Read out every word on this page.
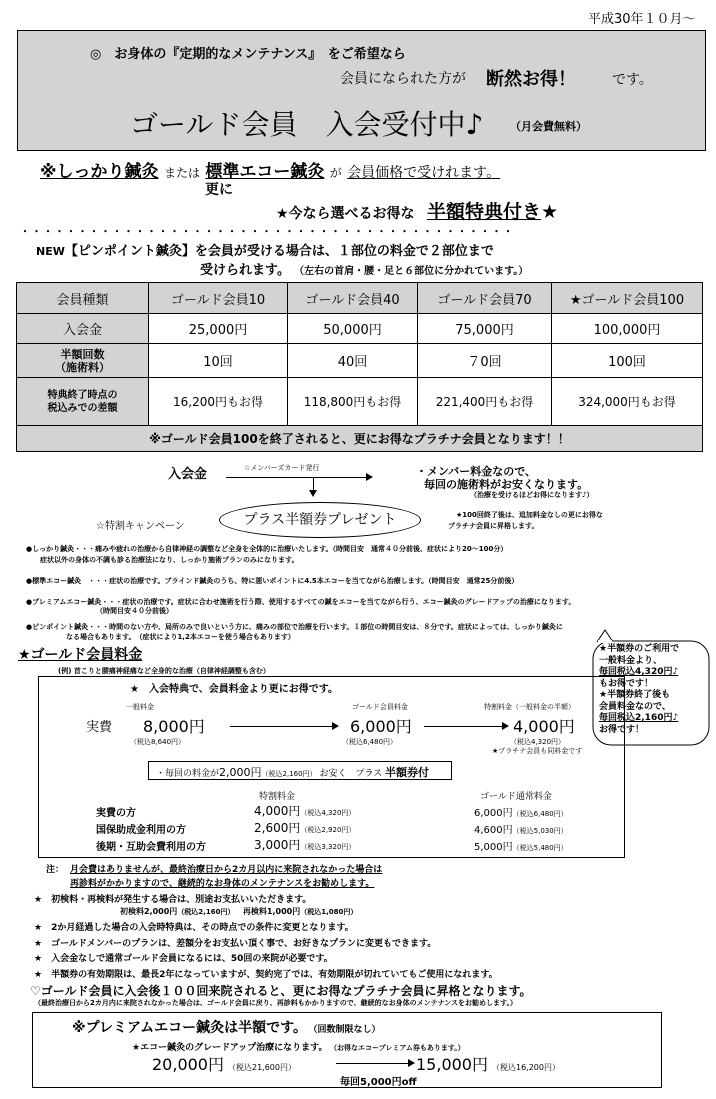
平成30年１０月～
◎　お身体の『定期的なメンテナンス』　をご希望なら
会員になられた方が 断然お得！	です。
ゴールド会員　入会受付中♪ （月会費無料）
※しっかり鍼灸 または 標準エコー鍼灸 が 会員価格で受けれます。
更に
★今なら選べるお得な 半額特典付き★
・・・・・・・・・・・・・・・・・・・・・・・・・・・・・・・・・・・・・・・・・・・
NEW【ピンポイント鍼灸】を会員が受ける場合は、１部位の料金で２部位まで
受けられます。 （左右の首肩・腰・足と６部位に分かれています。）
会員種類	ゴールド会員10	ゴールド会員40	ゴールド会員70	★ゴールド会員100
入会金	25,000円	50,000円	75,000円	100,000円

半額回数
（施術料）	10回	40回	７0回	100回

特典終了時点の
税込みでの差額	16,200円もお得	118,800円もお得	221,400円もお得	324,000円もお得
※ゴールド会員100を終了されると、更にお得なプラチナ会員となります！！
入会金	☆メンバーズカード発行	・メンバー料金なので、
毎回の施術料がお安くなります。
（治療を受けるほどお得になります♪）
☆特割キャンペーン	プラス半額券プレゼント	★100回終了後は、追加料金なしの更にお得な
プラチナ会員に昇格します。
●しっかり鍼灸・・・痛みや疲れの治療から自律神経の調整など全身を全体的に治療いたします。（時間目安　通常４０分前後、症状により20～100分）
　　症状以外の身体の不調も診る治療法になり、しっかり施術プランのみになります。
●標準エコー鍼灸　・・・症状の治療です。ブラインド鍼灸のうち、特に悪いポイントに4.5本エコーを当てながら治療します。（時間目安　通常25分前後）
●プレミアムエコー鍼灸・・・症状の治療です。症状に合わせ施術を行う際、使用するすべての鍼をエコーを当てながら行う、エコー鍼灸のグレードアップの治療になります。
（時間目安４０分前後）
●ピンポイント鍼灸・・・時間のない方や、局所のみで良いという方に、痛みの部位で治療を行います。１部位の時間目安は、８分です。症状によっては、しっかり鍼灸に
なる場合もあります。　（症状により1,2本エコーを使う場合もあります）
★ゴールド会員料金
(例) 首こりと腰痛神経痛など全身的な治療（自律神経調整も含む）
★半額券のご利用で
一般料金より、
毎回税込4,320円♪
もお得です！
★半額券終了後も
会員料金なので、
毎回税込2,160円♪
お得です！
★　入会特典で、会員料金より更にお得です。
一般料金	ゴールド会員料金	特割料金（一般料金の半額）
実費 8,000円
（税込8,640円）
6,000円
（税込6,480円）
4,000円
（税込4,320円）
★プラチナ会員も同料金です
・毎回の料金が2,000円（税込2,160円） お安く　プラス 半額券付
特割料金	ゴールド通常料金
実費の方	4,000円（税込4,320円）	6,000円（税込6,480円）
国保助成金利用の方	2,600円（税込2,920円）	4,600円（税込5,030円）
後期・互助会費利用の方	3,000円（税込3,320円）	5,000円（税込5,480円）
注： 月会費はありませんが、最終治療日から2カ月以内に来院されなかった場合は
再診料がかかりますので、継続的なお身体のメンテナンスをお勧めします。
★　初検料・再検料が発生する場合は、別途お支払いいただきます。
初検料2,000円（税込2,160円） 再検料1,000円（税込1,080円）
★　2か月経過した場合の入会時特典は、その時点での条件に変更となります。
★　ゴールドメンバーのプランは、差額分をお支払い頂く事で、お好きなプランに変更もできます。
★　入会金なしで通常ゴールド会員になるには、50回の来院が必要です。
★　半額券の有効期限は、最長2年になっていますが、契約完了では、有効期限が切れていてもご使用になれます。
♡ゴールド会員に入会後１００回来院されると、更にお得なプラチナ会員に昇格となります。
（最終治療日から2カ月内に来院されなかった場合は、ゴールド会員に戻り、再診料もかかりますので、継続的なお身体のメンテナンスをお勧めします。）
※プレミアムエコー鍼灸は半額です。 （回数制限なし）
★エコー鍼灸のグレードアップ治療になります。 （お得なエコープレミアム券もあります。）
20,000円 （税込21,600円）	15,000円 （税込16,200円）
毎回5,000円off
